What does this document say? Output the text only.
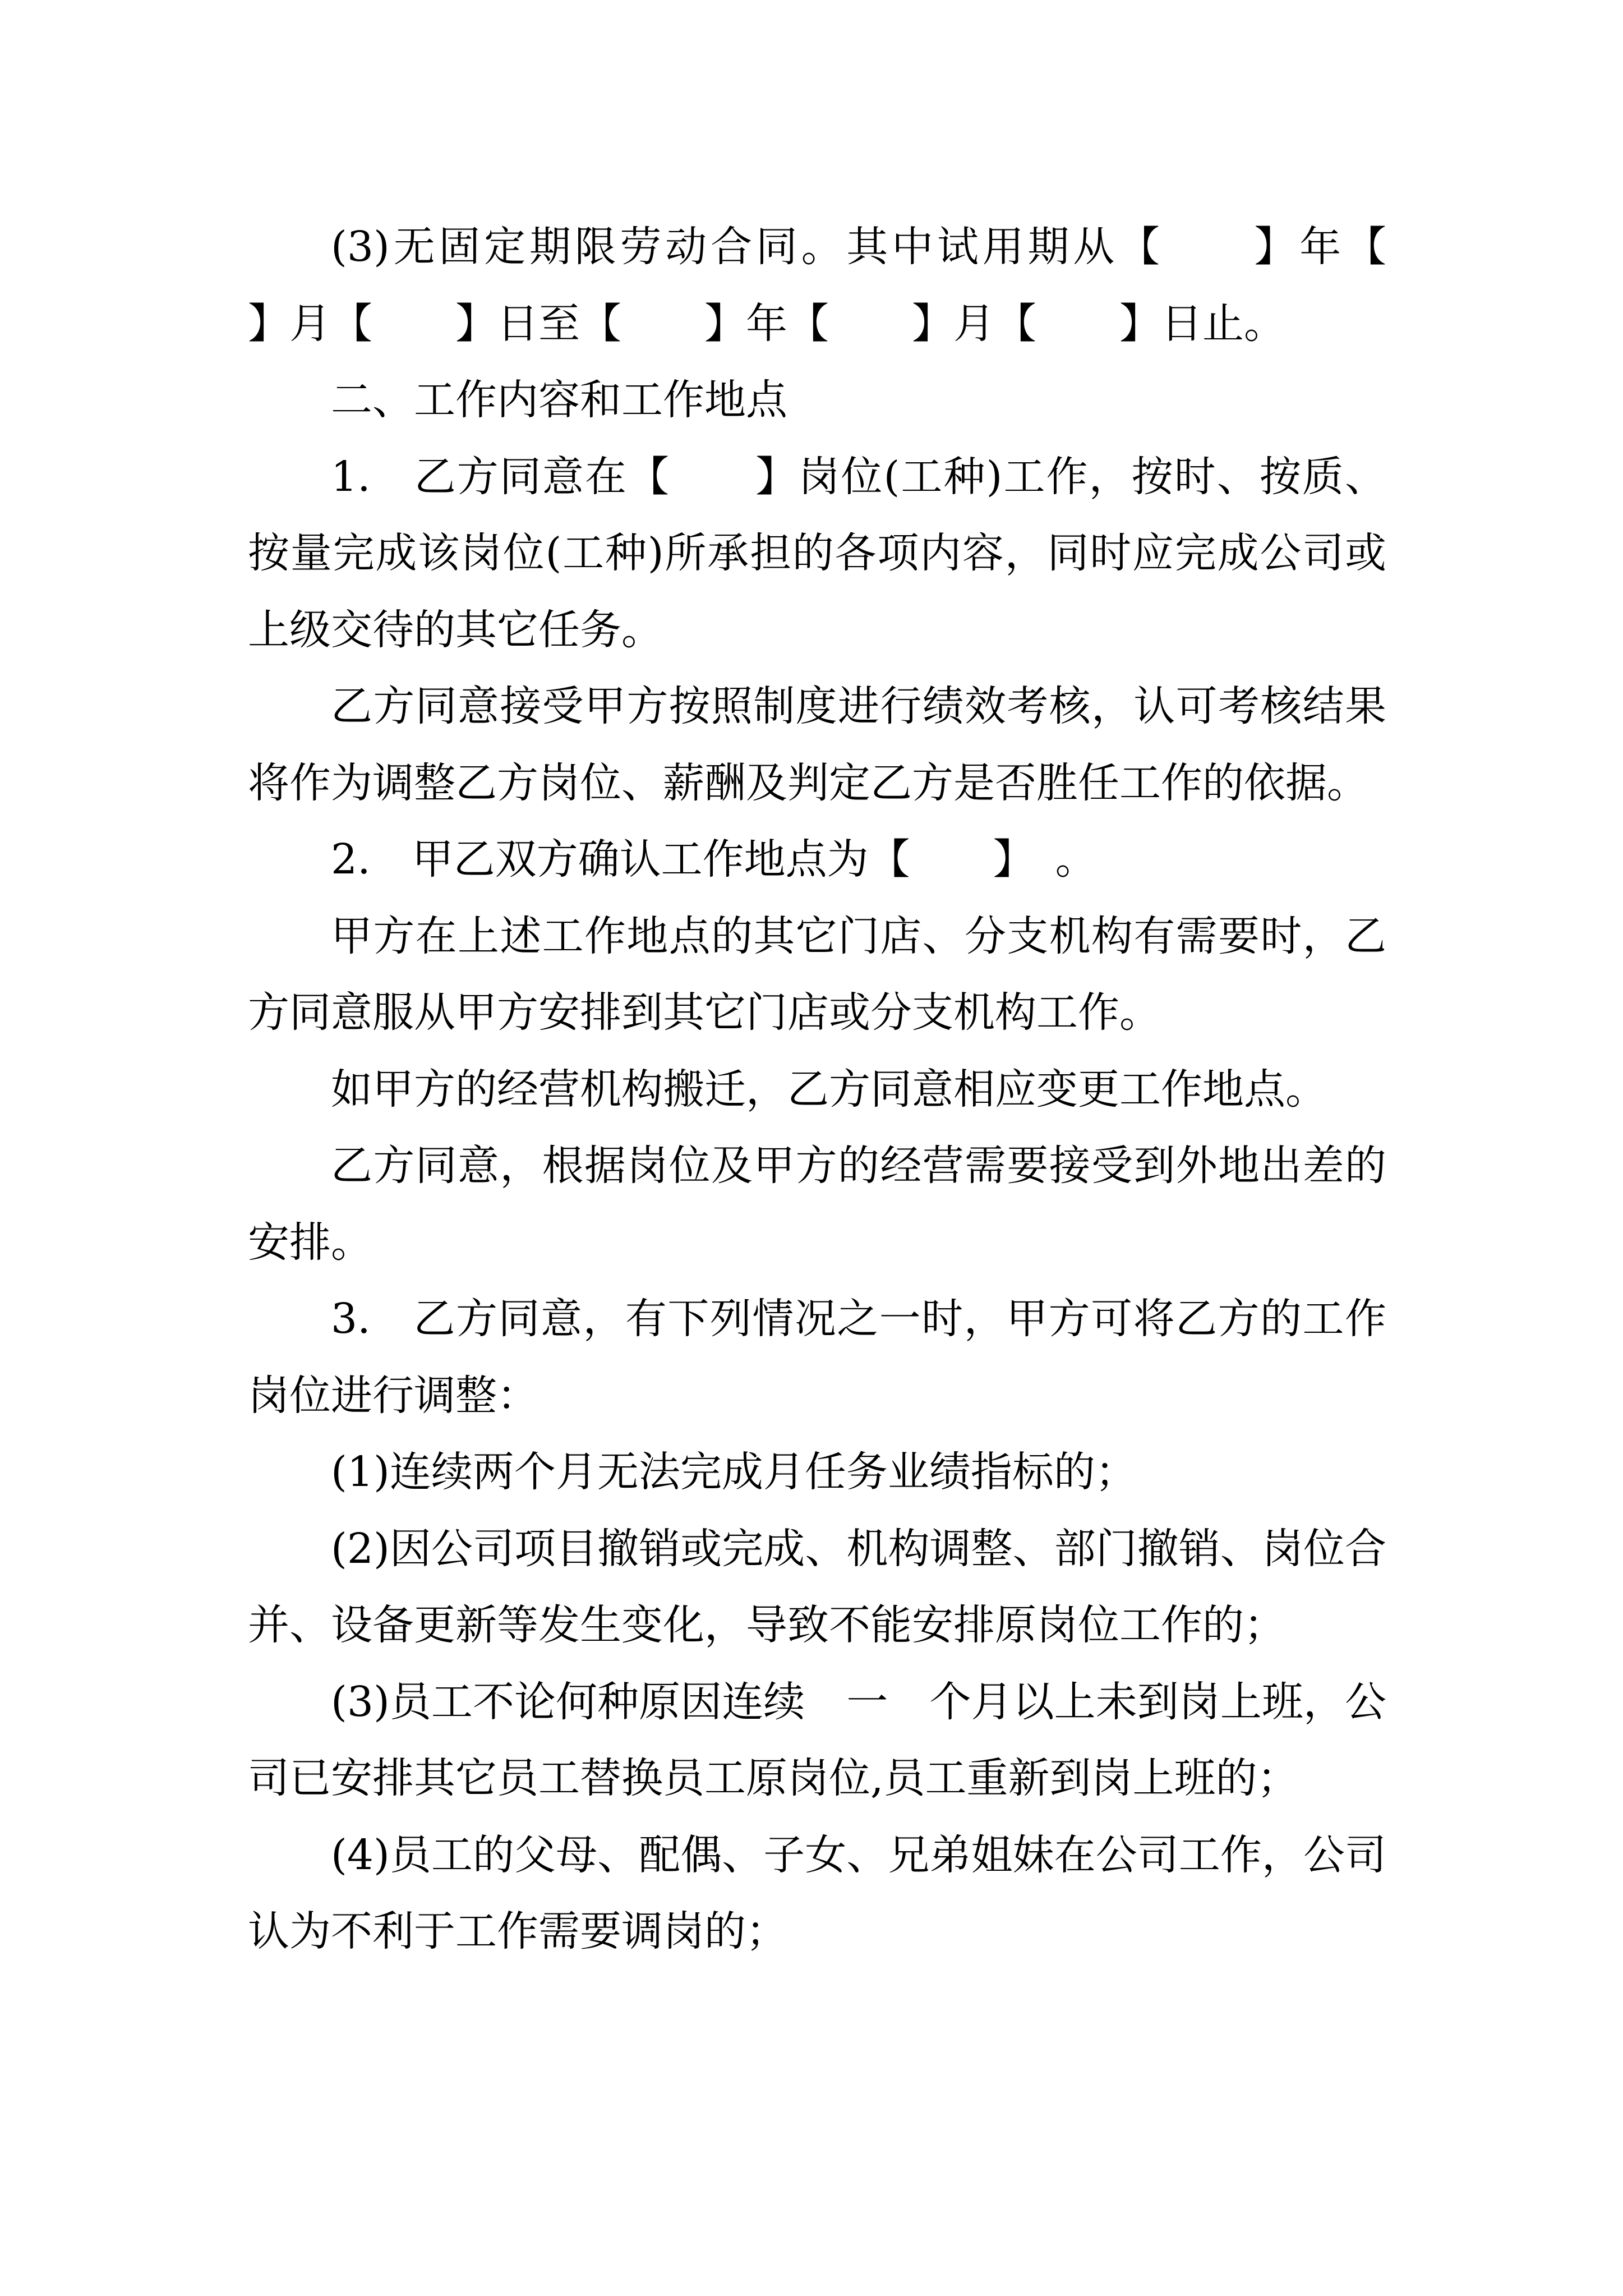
(3)无固定期限劳动合同。其中试用期从【　　】年【　　】月【　　】日至【　　】年【　　】月【　　】日止。

二、工作内容和工作地点

1.　乙方同意在【　　】岗位(工种)工作，按时、按质、按量完成该岗位(工种)所承担的各项内容，同时应完成公司或上级交待的其它任务。

乙方同意接受甲方按照制度进行绩效考核，认可考核结果将作为调整乙方岗位、薪酬及判定乙方是否胜任工作的依据。

2.　甲乙双方确认工作地点为【　　】　。

甲方在上述工作地点的其它门店、分支机构有需要时，乙方同意服从甲方安排到其它门店或分支机构工作。

如甲方的经营机构搬迁，乙方同意相应变更工作地点。

乙方同意，根据岗位及甲方的经营需要接受到外地出差的安排。

3.　乙方同意，有下列情况之一时，甲方可将乙方的工作岗位进行调整：

(1)连续两个月无法完成月任务业绩指标的；

(2)因公司项目撤销或完成、机构调整、部门撤销、岗位合并、设备更新等发生变化，导致不能安排原岗位工作的；

(3)员工不论何种原因连续　一　个月以上未到岗上班，公司已安排其它员工替换员工原岗位,员工重新到岗上班的；

(4)员工的父母、配偶、子女、兄弟姐妹在公司工作，公司认为不利于工作需要调岗的；
